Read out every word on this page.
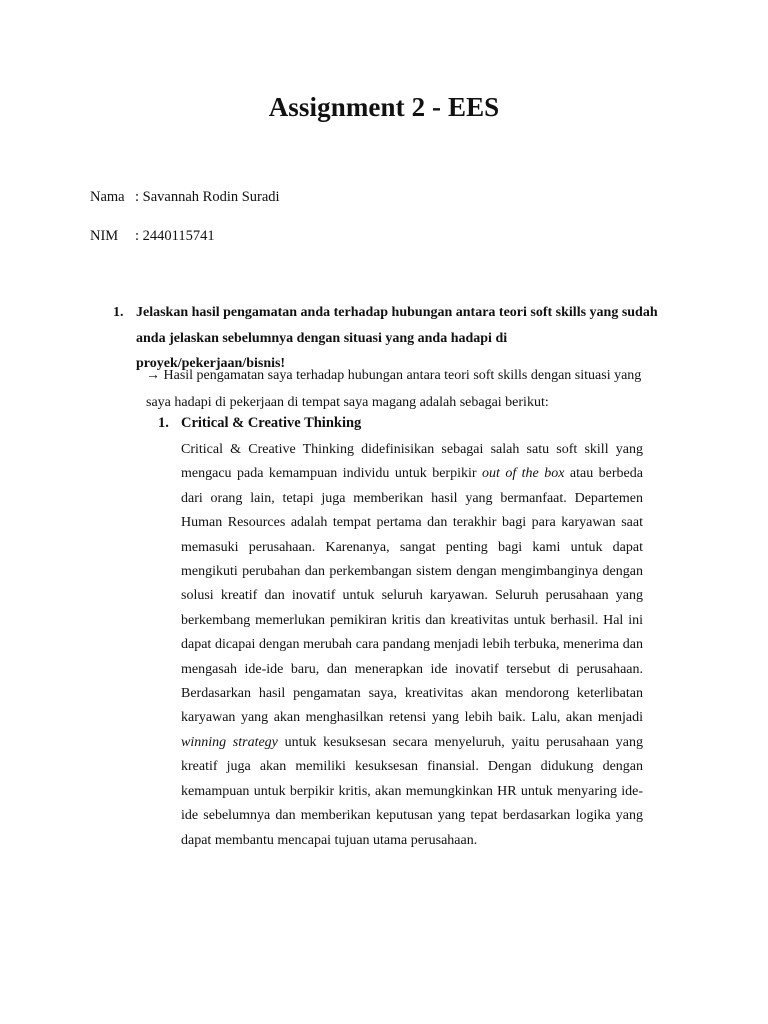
Assignment 2 - EES
Nama : Savannah Rodin Suradi
NIM : 2440115741
1. Jelaskan hasil pengamatan anda terhadap hubungan antara teori soft skills yang sudah anda jelaskan sebelumnya dengan situasi yang anda hadapi di proyek/pekerjaan/bisnis!
→ Hasil pengamatan saya terhadap hubungan antara teori soft skills dengan situasi yang saya hadapi di pekerjaan di tempat saya magang adalah sebagai berikut:
1. Critical & Creative Thinking
Critical & Creative Thinking didefinisikan sebagai salah satu soft skill yang mengacu pada kemampuan individu untuk berpikir out of the box atau berbeda dari orang lain, tetapi juga memberikan hasil yang bermanfaat. Departemen Human Resources adalah tempat pertama dan terakhir bagi para karyawan saat memasuki perusahaan. Karenanya, sangat penting bagi kami untuk dapat mengikuti perubahan dan perkembangan sistem dengan mengimbanginya dengan solusi kreatif dan inovatif untuk seluruh karyawan. Seluruh perusahaan yang berkembang memerlukan pemikiran kritis dan kreativitas untuk berhasil. Hal ini dapat dicapai dengan merubah cara pandang menjadi lebih terbuka, menerima dan mengasah ide-ide baru, dan menerapkan ide inovatif tersebut di perusahaan. Berdasarkan hasil pengamatan saya, kreativitas akan mendorong keterlibatan karyawan yang akan menghasilkan retensi yang lebih baik. Lalu, akan menjadi winning strategy untuk kesuksesan secara menyeluruh, yaitu perusahaan yang kreatif juga akan memiliki kesuksesan finansial. Dengan didukung dengan kemampuan untuk berpikir kritis, akan memungkinkan HR untuk menyaring ide-ide sebelumnya dan memberikan keputusan yang tepat berdasarkan logika yang dapat membantu mencapai tujuan utama perusahaan.
